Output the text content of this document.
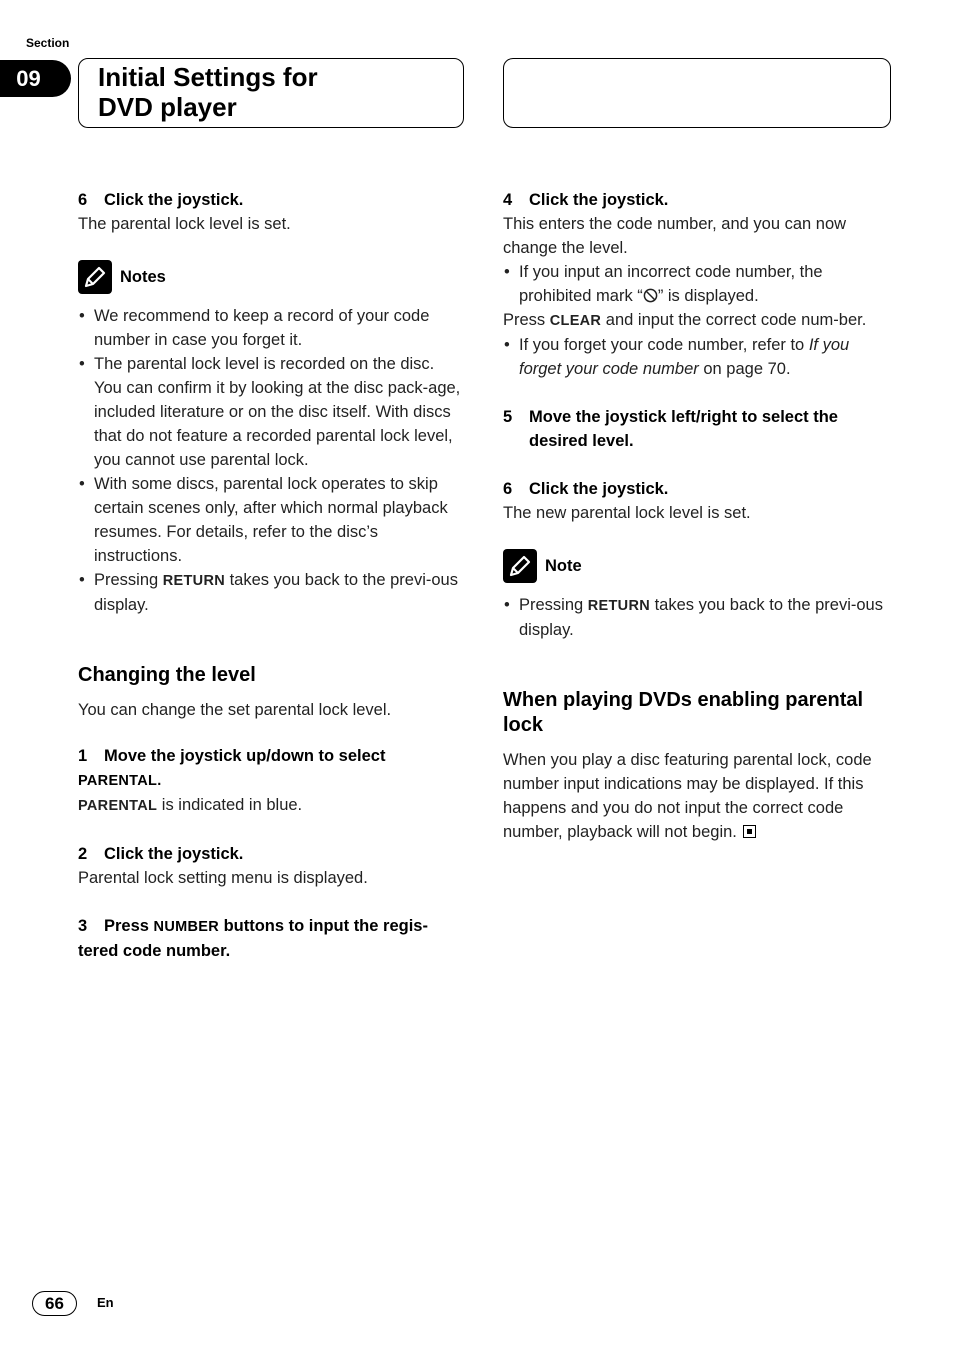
Section
09 Initial Settings for
DVD player

6 Click the joystick.

The parental lock level is set.

Notes
• We recommend to keep a record of your code number in case you forget it.
• The parental lock level is recorded on the disc. You can confirm it by looking at the disc pack-age, included literature or on the disc itself. With discs that do not feature a recorded parental lock level, you cannot use parental lock.
• With some discs, parental lock operates to skip certain scenes only, after which normal playback resumes. For details, refer to the disc’s instructions.
• Pressing RETURN takes you back to the previ-ous display.
Changing the level

You can change the set parental lock level.

1 Move the joystick up/down to select
PARENTAL.

PARENTAL is indicated in blue.

2 Click the joystick.

Parental lock setting menu is displayed.

3 Press NUMBER buttons to input the regis-tered code number.

4 Click the joystick.

This enters the code number, and you can now change the level.

• If you input an incorrect code number, the prohibited mark “ ” is displayed.

Press CLEAR and input the correct code num-ber.

• If you forget your code number, refer to If you forget your code number on page 70.

5 Move the joystick left/right to select the desired level.

6 Click the joystick.

The new parental lock level is set.

Note
• Pressing RETURN takes you back to the previ-ous display.
When playing DVDs enabling parental lock

When you play a disc featuring parental lock, code number input indications may be displayed. If this happens and you do not input the correct code number, playback will not begin.

66	En
